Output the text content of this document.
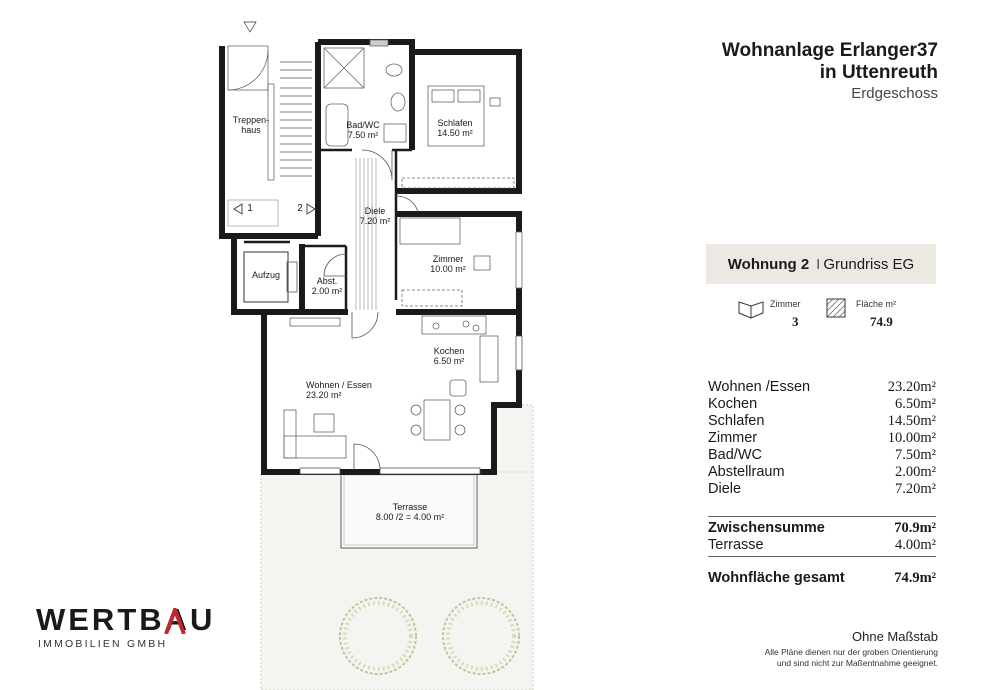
Treppen-
haus	Bad/WC
7.50 m²
Schlafen
14.50 m²
Diele
7.20 m²
Zimmer
10.00 m²
Aufzug
Abst.
2.00 m²
Kochen
6.50 m²
Wohnen / Essen
23.20 m²
Terrasse
8.00 /2 = 4.00 m²
1	2
WERTBAU
IMMOBILIEN GMBH
Wohnanlage Erlanger37
in Uttenreuth
Erdgeschoss
Wohnung 2 I Grundriss EG
Zimmer
3
Fläche m²
74.9
Wohnen /Essen	23.20m²
Kochen	6.50m²
Schlafen	14.50m²
Zimmer	10.00m²
Bad/WC	7.50m²
Abstellraum	2.00m²
Diele	7.20m²
Zwischensumme	70.9m²
Terrasse	4.00m²
Wohnfläche gesamt	74.9m²
Ohne Maßstab
Alle Pläne dienen nur der groben Orientierung
und sind nicht zur Maßentnahme geeignet.
